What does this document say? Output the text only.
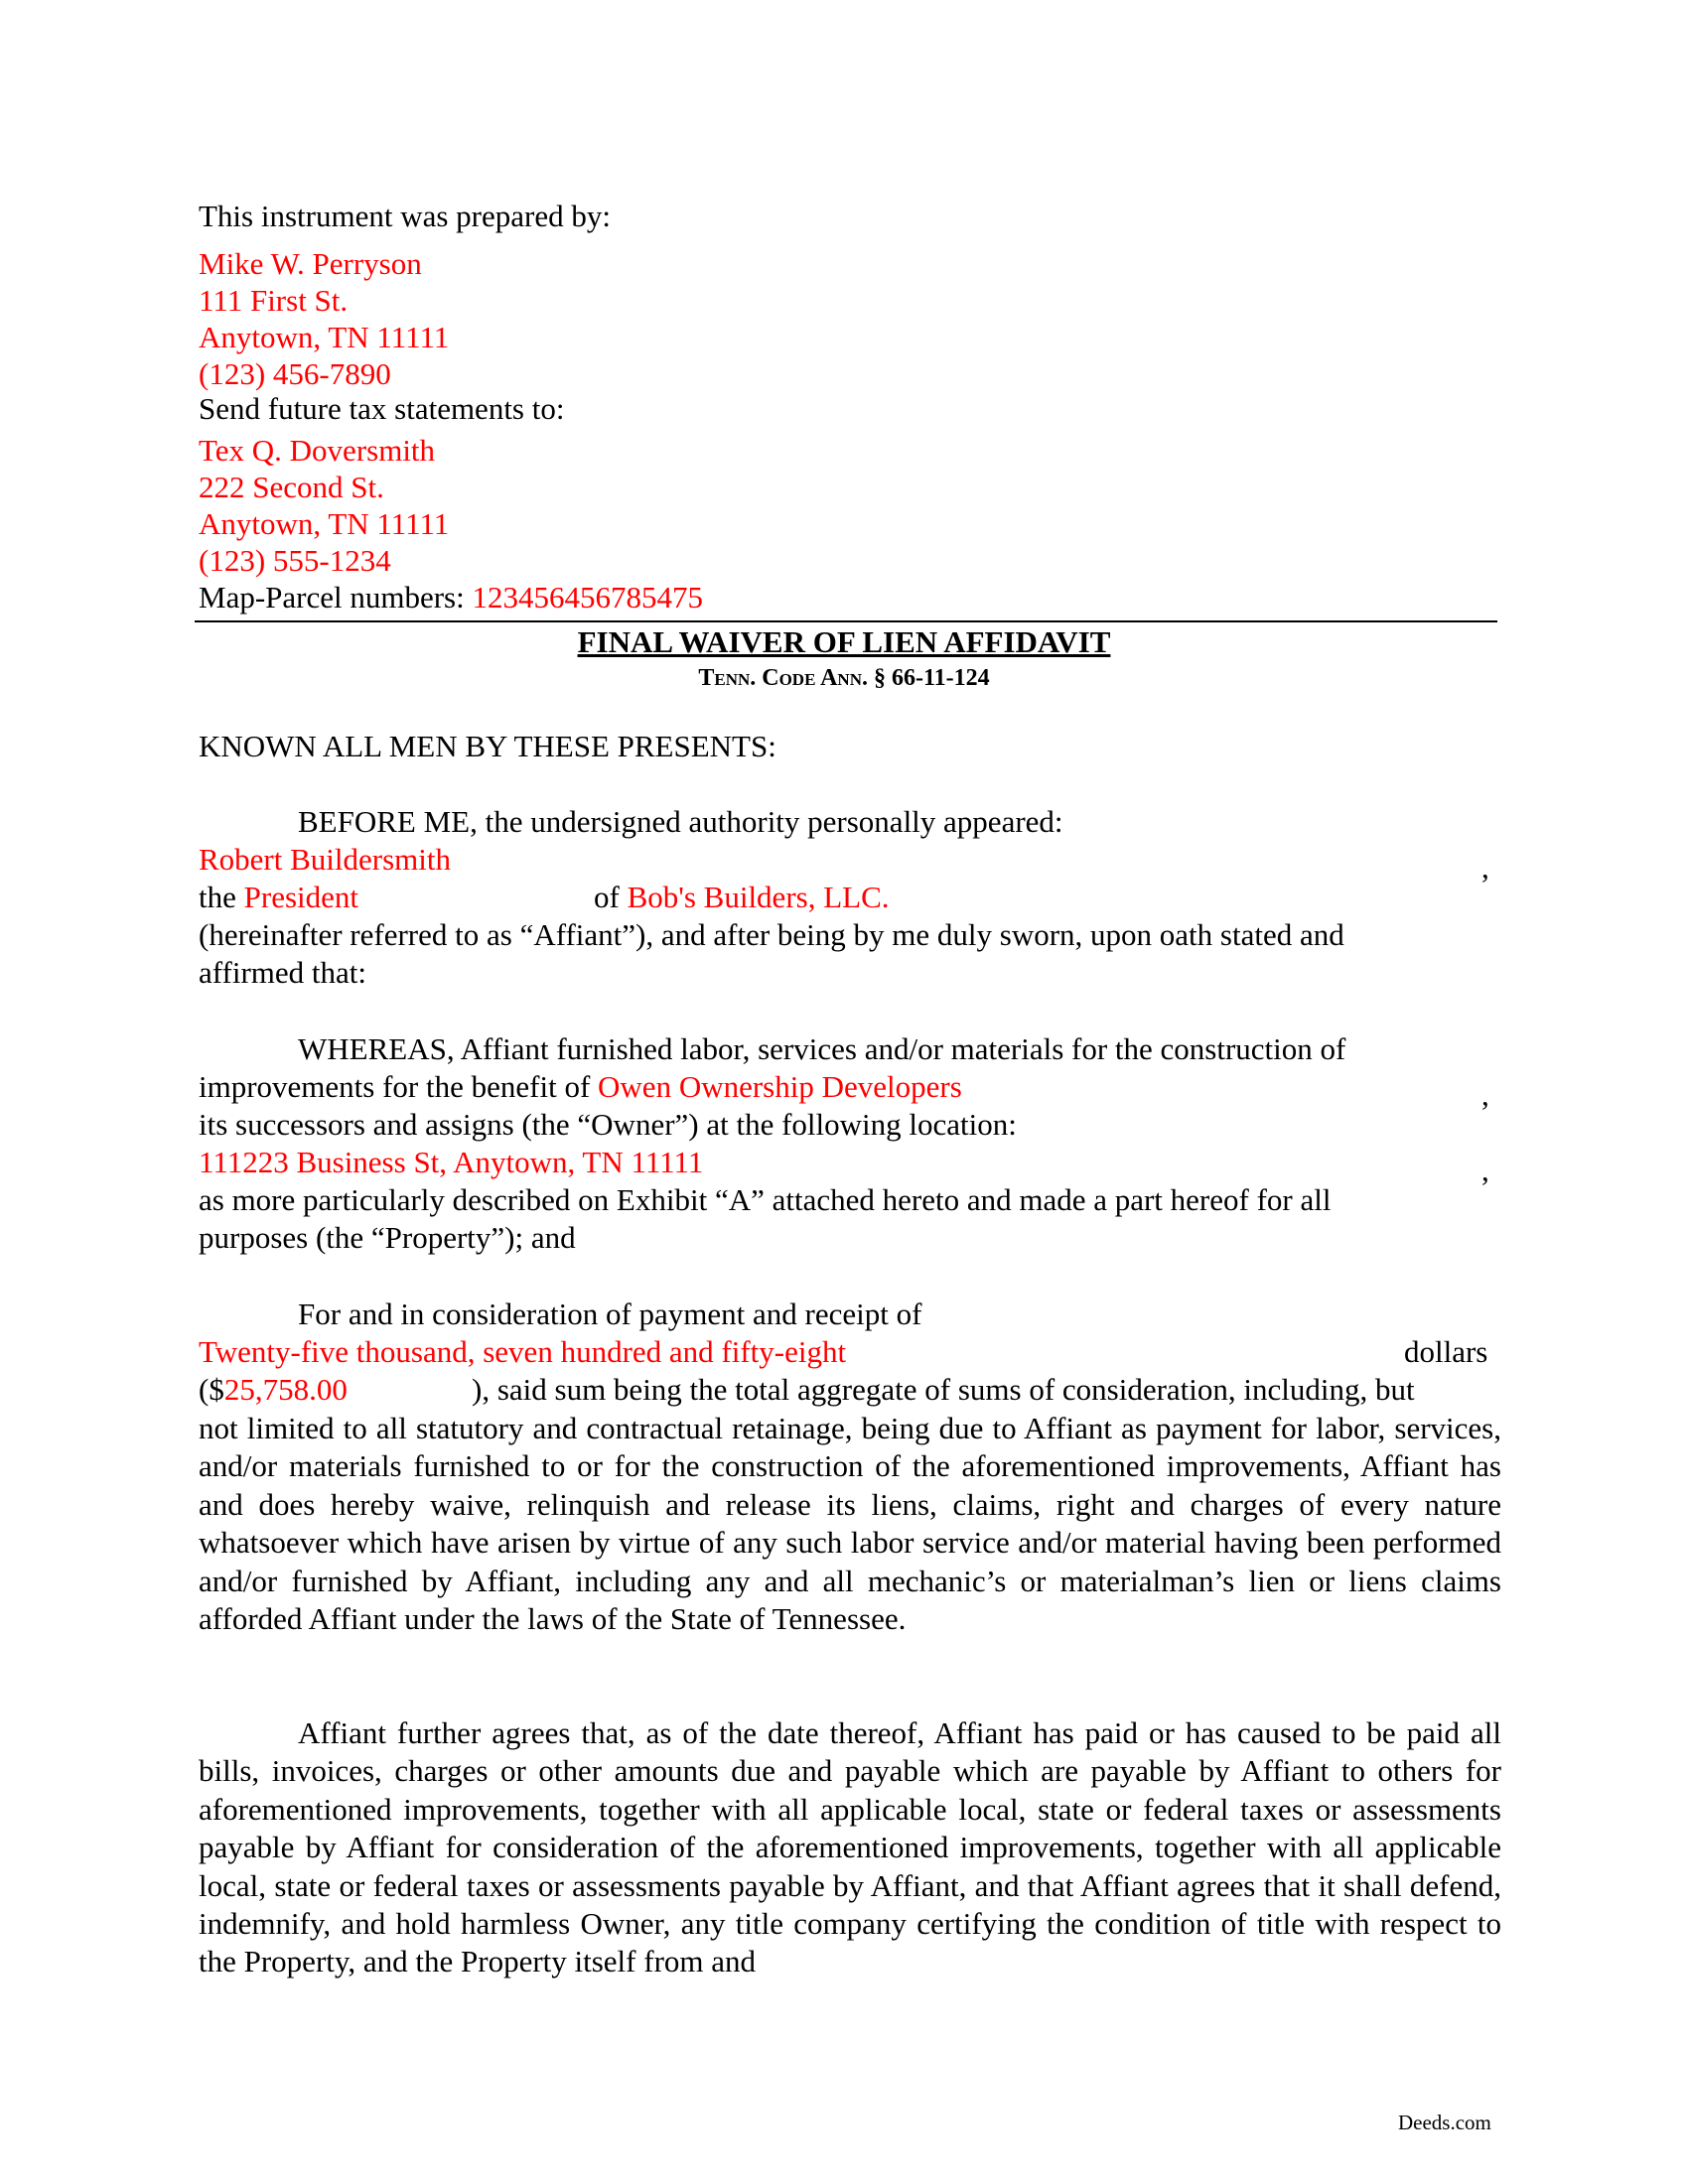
This instrument was prepared by:
Mike W. Perryson
111 First St.
Anytown, TN 11111
(123) 456-7890
Send future tax statements to:
Tex Q. Doversmith
222 Second St.
Anytown, TN 11111
(123) 555-1234
Map-Parcel numbers: 123456456785475
FINAL WAIVER OF LIEN AFFIDAVIT
Tenn. Code Ann. § 66-11-124
KNOWN ALL MEN BY THESE PRESENTS:
BEFORE ME, the undersigned authority personally appeared:
Robert Buildersmith	,
the President	of Bob's Builders, LLC.
(hereinafter referred to as “Affiant”), and after being by me duly sworn, upon oath stated and
affirmed that:
WHEREAS, Affiant furnished labor, services and/or materials for the construction of
improvements for the benefit of Owen Ownership Developers	,
its successors and assigns (the “Owner”) at the following location:
111223 Business St, Anytown, TN 11111	,
as more particularly described on Exhibit “A” attached hereto and made a part hereof for all
purposes (the “Property”); and
For and in consideration of payment and receipt of
Twenty-five thousand, seven hundred and fifty-eight	dollars
($25,758.00	), said sum being the total aggregate of sums of consideration, including, but
not limited to all statutory and contractual retainage, being due to Affiant as payment for labor, services, and/or materials furnished to or for the construction of the aforementioned improvements, Affiant has and does hereby waive, relinquish and release its liens, claims, right and charges of every nature whatsoever which have arisen by virtue of any such labor service and/or material having been performed and/or furnished by Affiant, including any and all mechanic’s or materialman’s lien or liens claims afforded Affiant under the laws of the State of Tennessee.
Affiant further agrees that, as of the date thereof, Affiant has paid or has caused to be paid all bills, invoices, charges or other amounts due and payable which are payable by Affiant to others for aforementioned improvements, together with all applicable local, state or federal taxes or assessments payable by Affiant for consideration of the aforementioned improvements, together with all applicable local, state or federal taxes or assessments payable by Affiant, and that Affiant agrees that it shall defend, indemnify, and hold harmless Owner, any title company certifying the condition of title with respect to the Property, and the Property itself from and
Deeds.com
